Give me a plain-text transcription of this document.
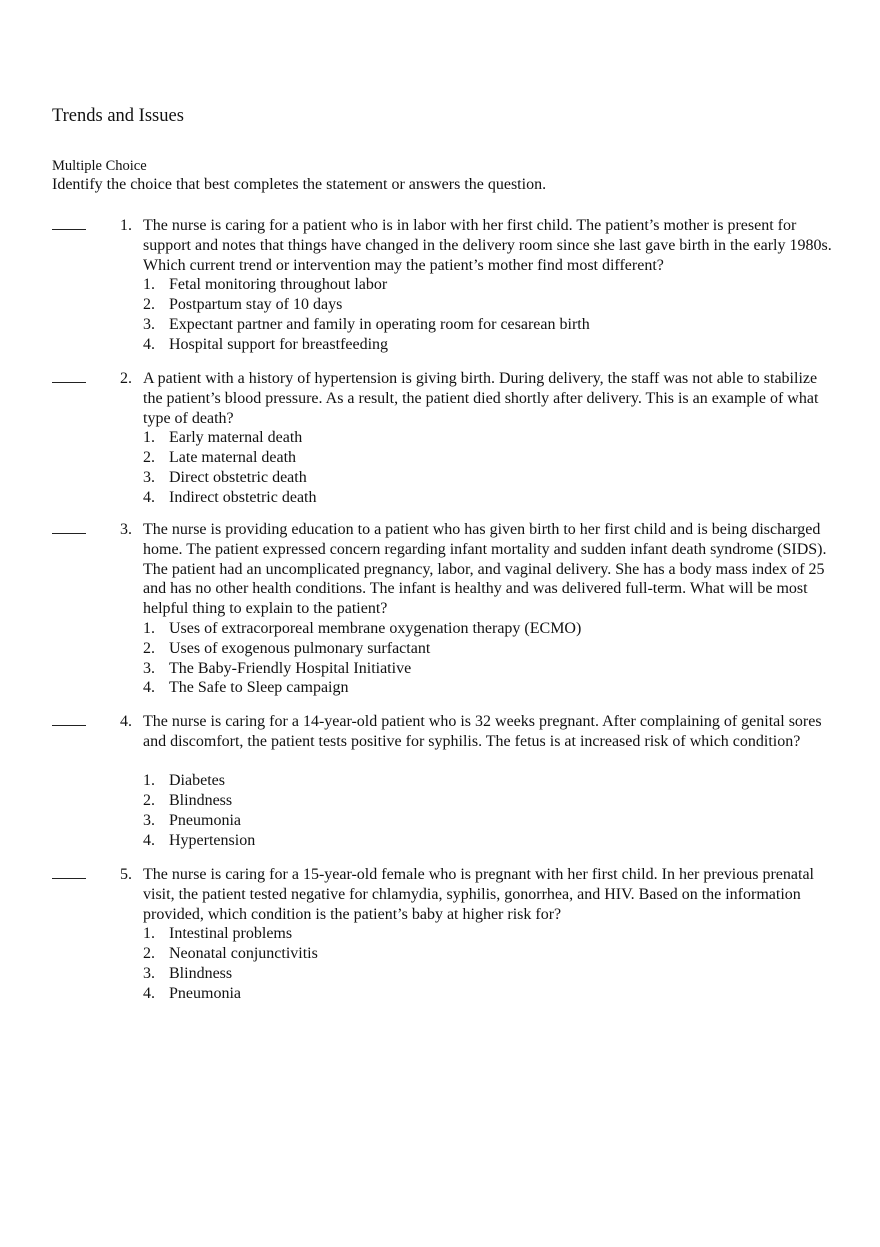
Trends and Issues
Multiple Choice
Identify the choice that best completes the statement or answers the question.
1. The nurse is caring for a patient who is in labor with her first child. The patient’s mother is present for support and notes that things have changed in the delivery room since she last gave birth in the early 1980s. Which current trend or intervention may the patient’s mother find most different?
1. Fetal monitoring throughout labor
2. Postpartum stay of 10 days
3. Expectant partner and family in operating room for cesarean birth
4. Hospital support for breastfeeding
2. A patient with a history of hypertension is giving birth. During delivery, the staff was not able to stabilize the patient’s blood pressure. As a result, the patient died shortly after delivery. This is an example of what type of death?
1. Early maternal death
2. Late maternal death
3. Direct obstetric death
4. Indirect obstetric death
3. The nurse is providing education to a patient who has given birth to her first child and is being discharged home. The patient expressed concern regarding infant mortality and sudden infant death syndrome (SIDS). The patient had an uncomplicated pregnancy, labor, and vaginal delivery. She has a body mass index of 25 and has no other health conditions. The infant is healthy and was delivered full-term. What will be most helpful thing to explain to the patient?
1. Uses of extracorporeal membrane oxygenation therapy (ECMO)
2. Uses of exogenous pulmonary surfactant
3. The Baby-Friendly Hospital Initiative
4. The Safe to Sleep campaign
4. The nurse is caring for a 14-year-old patient who is 32 weeks pregnant. After complaining of genital sores and discomfort, the patient tests positive for syphilis. The fetus is at increased risk of which condition?
1. Diabetes
2. Blindness
3. Pneumonia
4. Hypertension
5. The nurse is caring for a 15-year-old female who is pregnant with her first child. In her previous prenatal visit, the patient tested negative for chlamydia, syphilis, gonorrhea, and HIV. Based on the information provided, which condition is the patient’s baby at higher risk for?
1. Intestinal problems
2. Neonatal conjunctivitis
3. Blindness
4. Pneumonia
